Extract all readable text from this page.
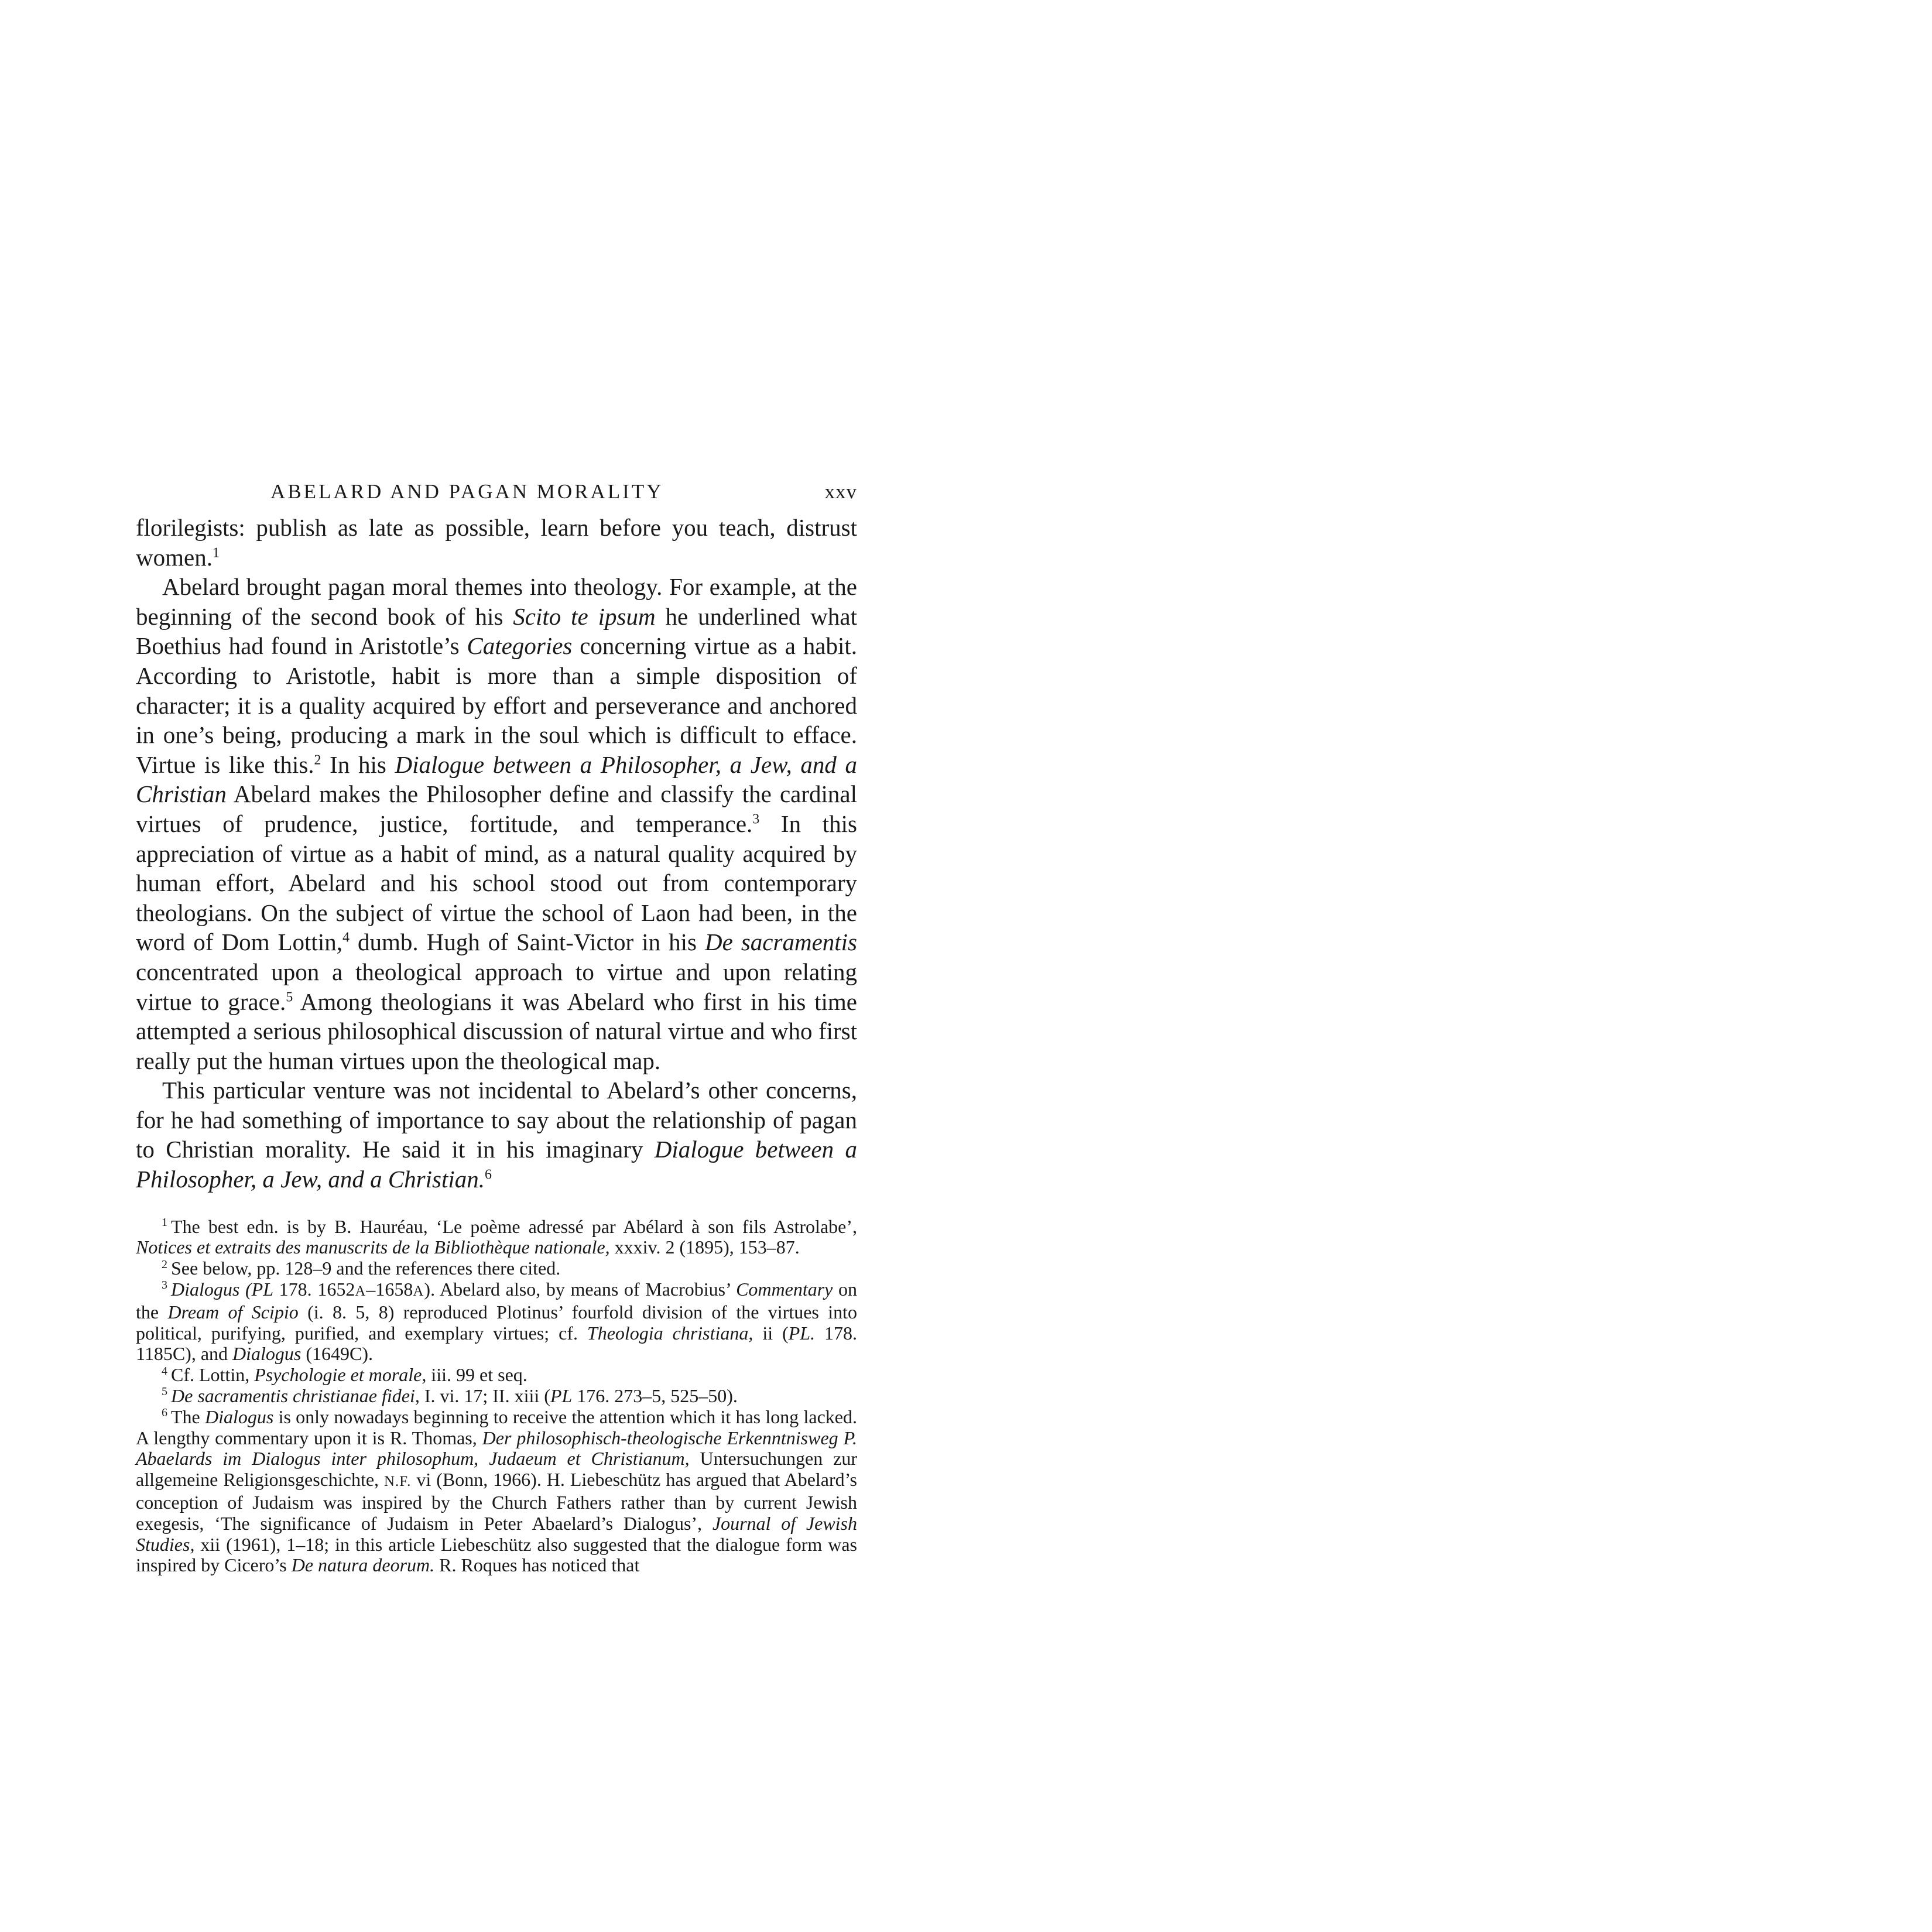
ABELARD AND PAGAN MORALITY	xxv

florilegists: publish as late as possible, learn before you teach, distrust women.$^1$

Abelard brought pagan moral themes into theology. For example, at the beginning of the second book of his Scito te ipsum he underlined what Boethius had found in Aristotle’s Categories concerning virtue as a habit. According to Aristotle, habit is more than a simple disposition of character; it is a quality acquired by effort and perseverance and anchored in one’s being, producing a mark in the soul which is difficult to efface. Virtue is like this.$^2$ In his Dialogue between a Philosopher, a Jew, and a Christian Abelard makes the Philosopher define and classify the cardinal virtues of prudence, justice, fortitude, and temperance.$^3$ In this appreciation of virtue as a habit of mind, as a natural quality acquired by human effort, Abelard and his school stood out from contemporary theologians. On the subject of virtue the school of Laon had been, in the word of Dom Lottin,$^4$ dumb. Hugh of Saint-Victor in his De sacramentis concentrated upon a theological approach to virtue and upon relating virtue to grace.$^5$ Among theologians it was Abelard who first in his time attempted a serious philosophical discussion of natural virtue and who first really put the human virtues upon the theological map.

This particular venture was not incidental to Abelard’s other concerns, for he had something of importance to say about the relationship of pagan to Christian morality. He said it in his imaginary Dialogue between a Philosopher, a Jew, and a Christian.$^6$

$^1$ The best edn. is by B. Hauréau, ‘Le poème adressé par Abélard à son fils Astrolabe’, Notices et extraits des manuscrits de la Bibliothèque nationale, xxxiv. 2 (1895), 153–87.

$^2$ See below, pp. 128–9 and the references there cited.

$^3$ Dialogus (PL 178. 1652A–1658A). Abelard also, by means of Macrobius’ Commentary on the Dream of Scipio (i. 8. 5, 8) reproduced Plotinus’ fourfold division of the virtues into political, purifying, purified, and exemplary virtues; cf. Theologia christiana, ii (PL. 178. 1185C), and Dialogus (1649C).

$^4$ Cf. Lottin, Psychologie et morale, iii. 99 et seq.

$^5$ De sacramentis christianae fidei, I. vi. 17; II. xiii (PL 176. 273–5, 525–50).

$^6$ The Dialogus is only nowadays beginning to receive the attention which it has long lacked. A lengthy commentary upon it is R. Thomas, Der philosophisch-theologische Erkenntnisweg P. Abaelards im Dialogus inter philosophum, Judaeum et Christianum, Untersuchungen zur allgemeine Religionsgeschichte, N.F. vi (Bonn, 1966). H. Liebeschütz has argued that Abelard’s conception of Judaism was inspired by the Church Fathers rather than by current Jewish exegesis, ‘The significance of Judaism in Peter Abaelard’s Dialogus’, Journal of Jewish Studies, xii (1961), 1–18; in this article Liebeschütz also suggested that the dialogue form was inspired by Cicero’s De natura deorum. R. Roques has noticed that
